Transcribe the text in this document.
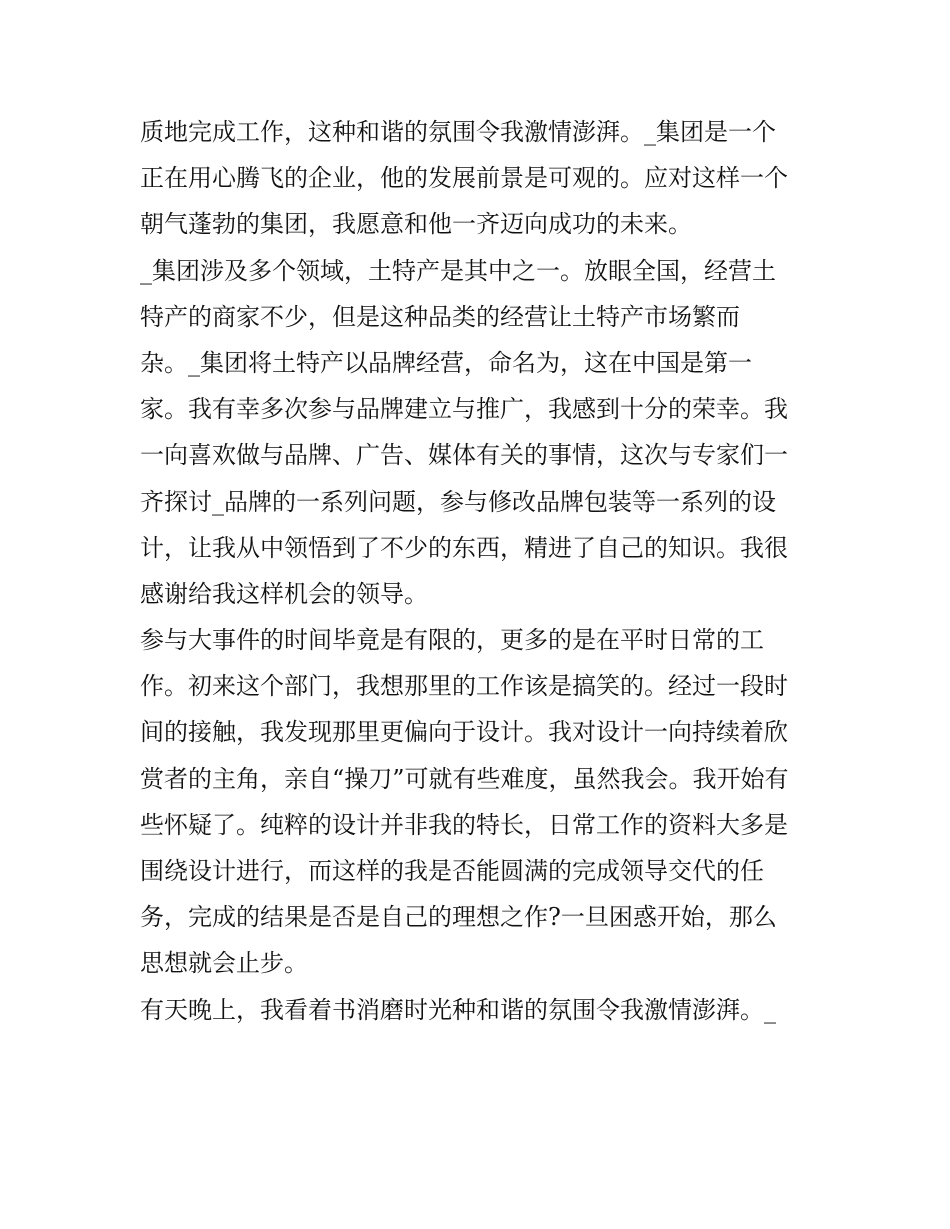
质地完成工作，这种和谐的氛围令我激情澎湃。_集团是一个
正在用心腾飞的企业，他的发展前景是可观的。应对这样一个
朝气蓬勃的集团，我愿意和他一齐迈向成功的未来。
_集团涉及多个领域，土特产是其中之一。放眼全国，经营土
特产的商家不少，但是这种品类的经营让土特产市场繁而
杂。_集团将土特产以品牌经营，命名为，这在中国是第一
家。我有幸多次参与品牌建立与推广，我感到十分的荣幸。我
一向喜欢做与品牌、广告、媒体有关的事情，这次与专家们一
齐探讨_品牌的一系列问题，参与修改品牌包装等一系列的设
计，让我从中领悟到了不少的东西，精进了自己的知识。我很
感谢给我这样机会的领导。
参与大事件的时间毕竟是有限的，更多的是在平时日常的工
作。初来这个部门，我想那里的工作该是搞笑的。经过一段时
间的接触，我发现那里更偏向于设计。我对设计一向持续着欣
赏者的主角，亲自“操刀”可就有些难度，虽然我会。我开始有
些怀疑了。纯粹的设计并非我的特长，日常工作的资料大多是
围绕设计进行，而这样的我是否能圆满的完成领导交代的任
务，完成的结果是否是自己的理想之作?一旦困惑开始，那么
思想就会止步。
有天晚上，我看着书消磨时光种和谐的氛围令我激情澎湃。_
